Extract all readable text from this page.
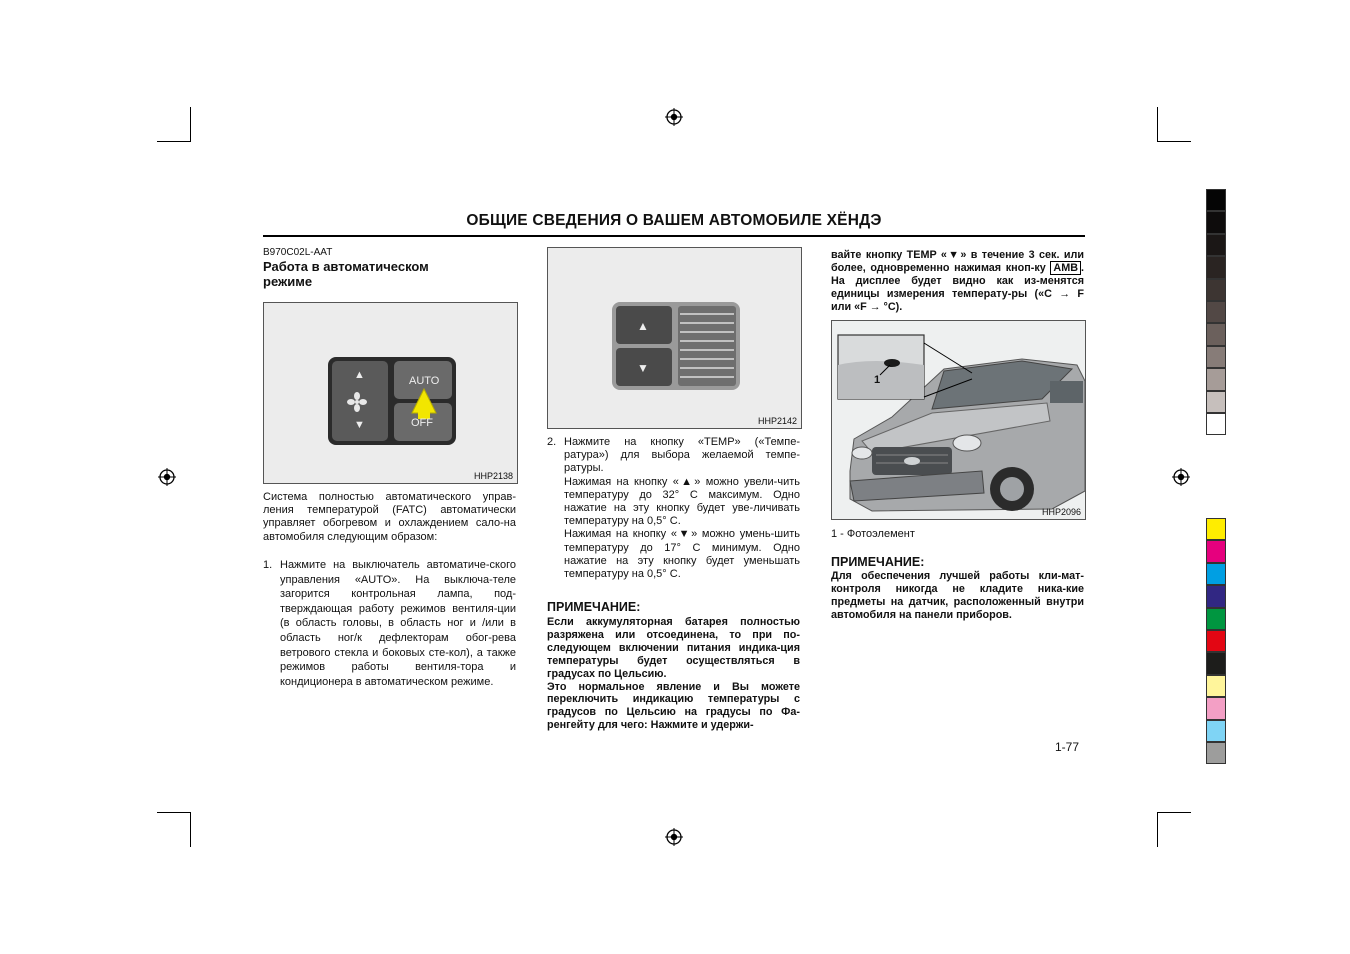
ОБЩИЕ СВЕДЕНИЯ О ВАШЕМ АВТОМОБИЛЕ ХЁНДЭ
B970C02L-AAT
Работа в автоматическом
режиме
▲
▼
AUTO
OFF
HHP2138
Система полностью автоматического управ-ления температурой (FATC) автоматически управляет обогревом и охлаждением сало-на автомобиля следующим образом:
1. Нажмите на выключатель автоматиче-ского управления «AUTO». На выключа-теле загорится контрольная лампа, под-тверждающая работу режимов вентиля-ции (в область головы, в область ног и /или в область ног/к дефлекторам обог-рева ветрового стекла и боковых сте-кол), а также режимов работы вентиля-тора и кондиционера в автоматическом режиме.
▲
▼
HHP2142
2. Нажмите на кнопку «TEMP» («Темпе-ратура») для выбора желаемой темпе-ратуры.

Нажимая на кнопку «▲» можно увели-чить температуру до 32° С максимум. Одно нажатие на эту кнопку будет уве-личивать температуру на 0,5° С.

Нажимая на кнопку «▼» можно умень-шить температуру до 17° С минимум. Одно нажатие на эту кнопку будет уменьшать температуру на 0,5° С.

ПРИМЕЧАНИЕ:
Если аккумуляторная батарея полностью разряжена или отсоединена, то при по-следующем включении питания индика-ция температуры будет осуществляться в градусах по Цельсию.
Это нормальное явление и Вы можете переключить индикацию температуры с градусов по Цельсию на градусы по Фа-ренгейту для чего: Нажмите и удержи-
вайте кнопку TEMP «▼» в течение 3 сек. или более, одновременно нажимая кноп-ку AMB . На дисплее будет видно как из-менятся единицы измерения температу-ры («C → F или «F → °C).
1
HHP2096
1 - Фотоэлемент
ПРИМЕЧАНИЕ:
Для обеспечения лучшей работы кли-мат-контроля никогда не кладите ника-кие предметы на датчик, расположенный внутри автомобиля на панели приборов.
1-77
